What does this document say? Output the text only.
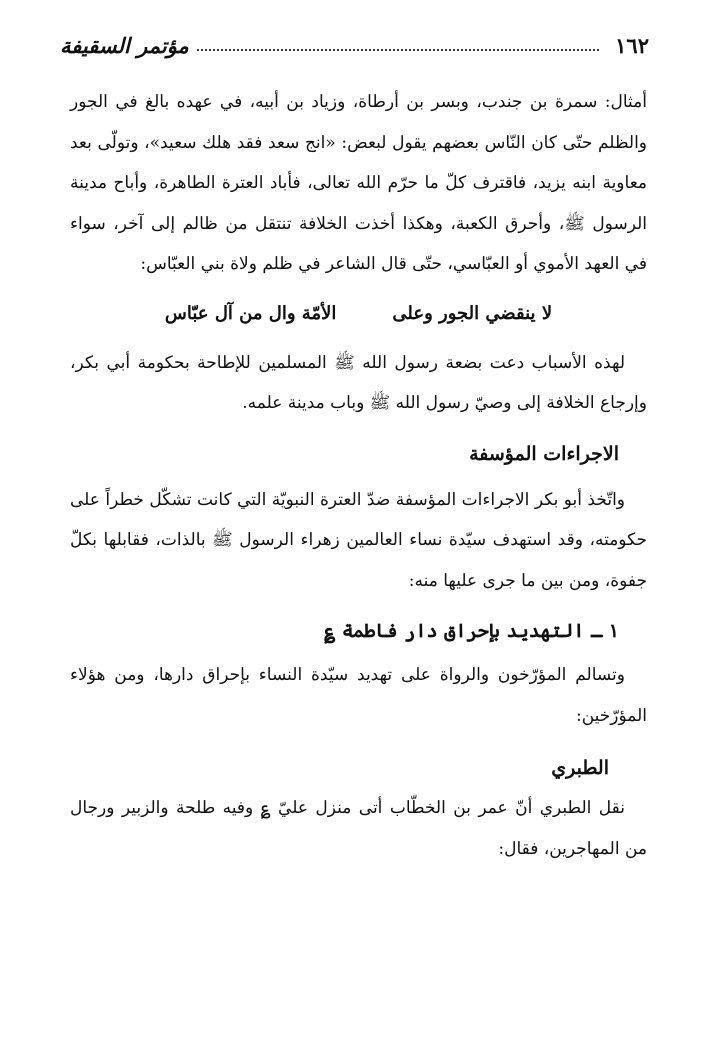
١٦٢
مؤتمر السقيفة

أمثال: سمرة بن جندب، وبسر بن أرطاة، وزياد بن أبيه، في عهده بالغ في الجور والظلم حتّى كان النّاس بعضهم يقول لبعض: «انج سعد فقد هلك سعيد»، وتولّى بعد معاوية ابنه يزيد، فاقترف كلّ ما حرّم الله تعالى، فأباد العترة الطاهرة، وأباح مدينة الرسول ﷺ، وأحرق الكعبة، وهكذا أخذت الخلافة تنتقل من ظالم إلى آخر، سواء في العهد الأموي أو العبّاسي، حتّى قال الشاعر في ظلم ولاة بني العبّاس:

لا ينقضي الجور وعلى
الأمّة وال من آل عبّاس

لهذه الأسباب دعت بضعة رسول الله ﷺ المسلمين للإطاحة بحكومة أبي بكر، وإرجاع الخلافة إلى وصيّ رسول الله ﷺ وباب مدينة علمه.

الاجراءات المؤسفة

واتّخذ أبو بكر الاجراءات المؤسفة ضدّ العترة النبويّة التي كانت تشكّل خطراً على حكومته، وقد استهدف سيّدة نساء العالمين زهراء الرسول ﷺ بالذات، فقابلها بكلّ جفوة، ومن بين ما جرى عليها منه:

١ ـ التهديد بإحراق دار فاطمة ؏

وتسالم المؤرّخون والرواة على تهديد سيّدة النساء بإحراق دارها، ومن هؤلاء المؤرّخين:

الطبري

نقل الطبري أنّ عمر بن الخطّاب أتى منزل عليّ ؏ وفيه طلحة والزبير ورجال من المهاجرين، فقال:
